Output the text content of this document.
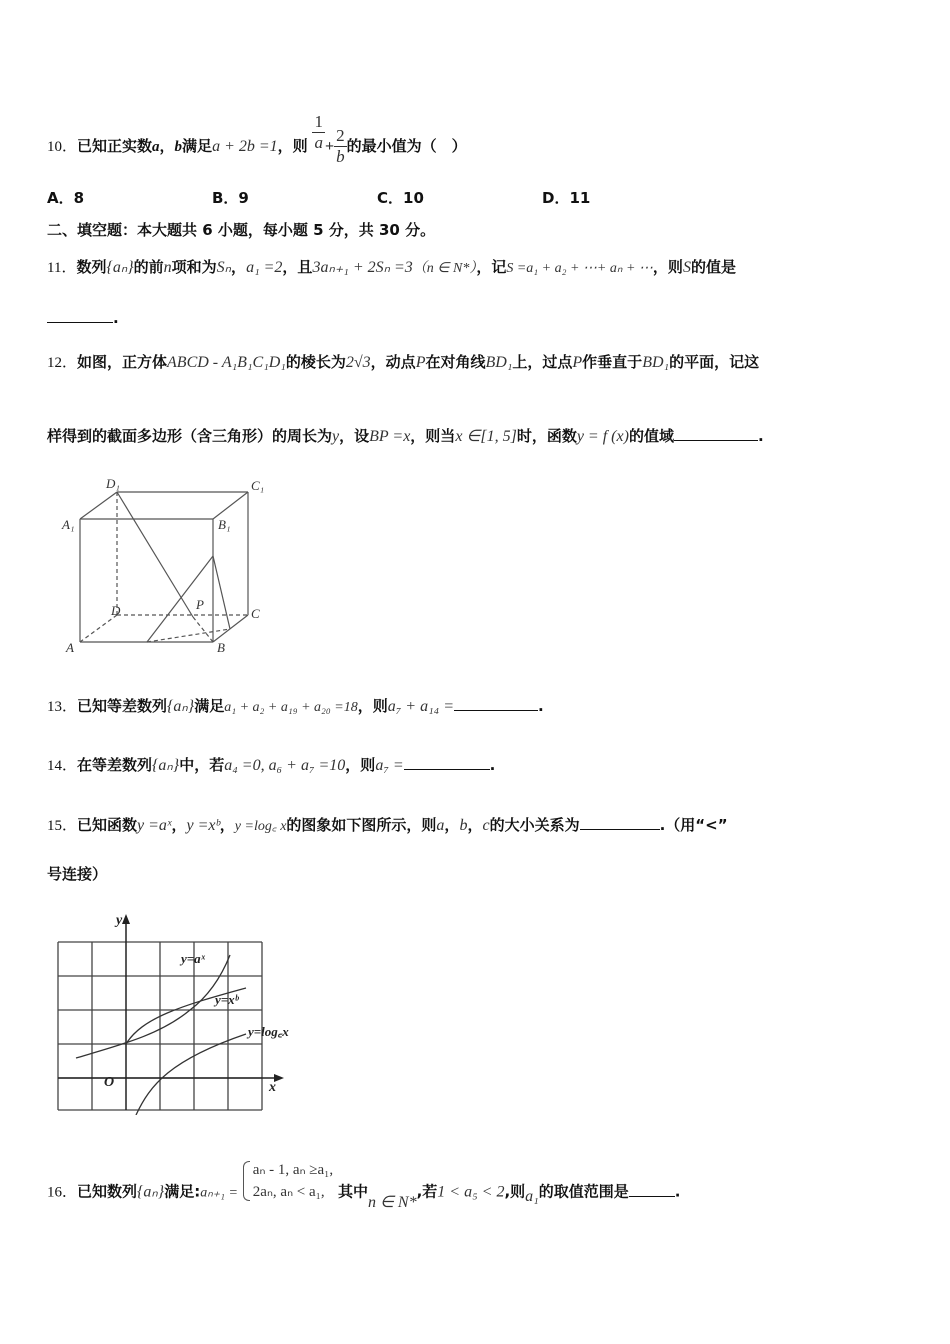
10．已知正实数a，b满足a + 2b =1，则 $\frac{1}{a} + \frac{2}{b}$ 的最小值为（　）
A．8	B．9	C．10	D．11
二、填空题：本大题共 6 小题，每小题 5 分，共 30 分。
11．数列{aₙ}的前n项和为Sₙ，a₁ =2，且3aₙ₊₁ + 2Sₙ =3（n ∈ N*），记S =a₁ + a₂ + ⋯+ aₙ + ⋯，则S的值是
.
12．如图，正方体ABCD - A₁B₁C₁D₁的棱长为2√3，动点P在对角线BD₁上，过点P作垂直于BD₁的平面，记这
样得到的截面多边形（含三角形）的周长为y，设BP =x，则当x ∈[1, 5]时，函数y = f (x)的值域	.
D₁	C₁
A₁	B₁
D	C
A	B
P
13．已知等差数列{aₙ}满足a₁ + a₂ + a₁₉ + a₂₀ =18，则a₇ + a₁₄ =	.
14．在等差数列{aₙ}中，若a₄ =0, a₆ + a₇ =10，则a₇ =	.
15．已知函数y =aˣ，y =xᵇ，y =log꜀ x的图象如下图所示，则a，b，c的大小关系为	.（用“<”
号连接）
y
x
O
y=aˣ
y=xᵇ
y=log꜀x
16．已知数列{aₙ}满足:aₙ₊₁ =
aₙ - 1, aₙ ≥a₁,
2aₙ, aₙ < a₁, 其中n ∈ N*,若1 < a₅ < 2,则a₁的取值范围是	.
